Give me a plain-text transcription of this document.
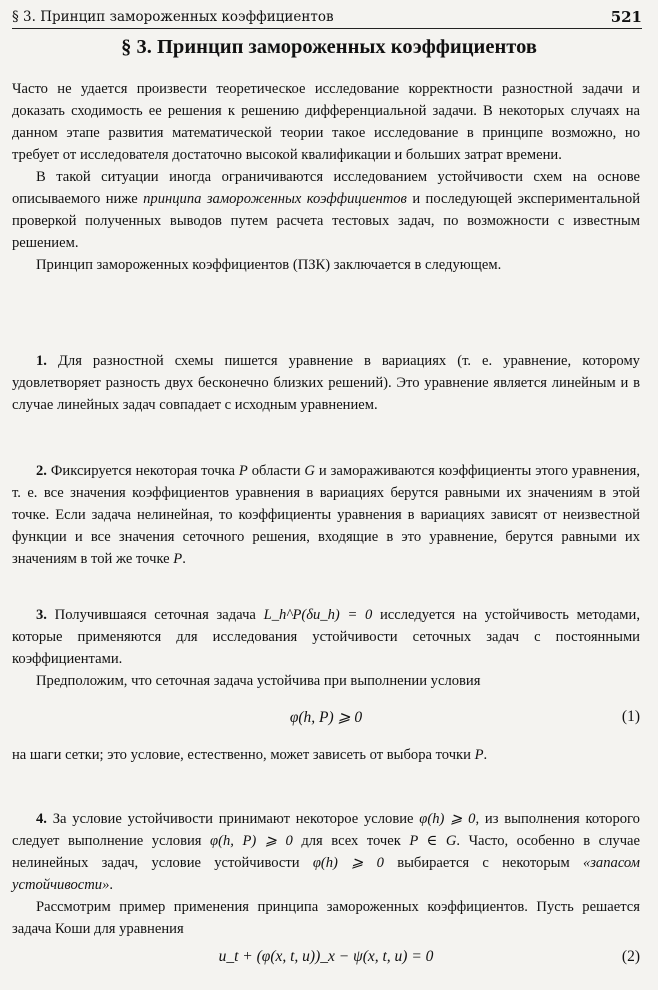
§ 3. Принцип замороженных коэффициентов	521
§ 3. Принцип замороженных коэффициентов

Часто не удается произвести теоретическое исследование корректности разностной задачи и доказать сходимость ее решения к решению дифференциальной задачи. В некоторых случаях на данном этапе развития математической теории такое исследование в принципе возможно, но требует от исследователя достаточно высокой квалификации и больших затрат времени.

В такой ситуации иногда ограничиваются исследованием устойчивости схем на основе описываемого ниже принципа замороженных коэффициентов и последующей экспериментальной проверкой полученных выводов путем расчета тестовых задач, по возможности с известным решением.

Принцип замороженных коэффициентов (ПЗК) заключается в следующем.

1. Для разностной схемы пишется уравнение в вариациях (т. е. уравнение, которому удовлетворяет разность двух бесконечно близких решений). Это уравнение является линейным и в случае линейных задач совпадает с исходным уравнением.

2. Фиксируется некоторая точка P области G и замораживаются коэффициенты этого уравнения, т. е. все значения коэффициентов уравнения в вариациях берутся равными их значениям в этой точке. Если задача нелинейная, то коэффициенты уравнения в вариациях зависят от неизвестной функции и все значения сеточного решения, входящие в это уравнение, берутся равными их значениям в той же точке P.

3. Получившаяся сеточная задача L_h^P(δu_h) = 0 исследуется на устойчивость методами, которые применяются для исследования устойчивости сеточных задач с постоянными коэффициентами.

Предположим, что сеточная задача устойчива при выполнении условия

φ(h, P) ⩾ 0	(1)

на шаги сетки; это условие, естественно, может зависеть от выбора точки P.

4. За условие устойчивости принимают некоторое условие φ(h) ⩾ 0, из выполнения которого следует выполнение условия φ(h, P) ⩾ 0 для всех точек P ∈ G. Часто, особенно в случае нелинейных задач, условие устойчивости φ(h) ⩾ 0 выбирается с некоторым «запасом устойчивости».

Рассмотрим пример применения принципа замороженных коэффициентов. Пусть решается задача Коши для уравнения

u_t + (φ(x, t, u))_x − ψ(x, t, u) = 0	(2)
